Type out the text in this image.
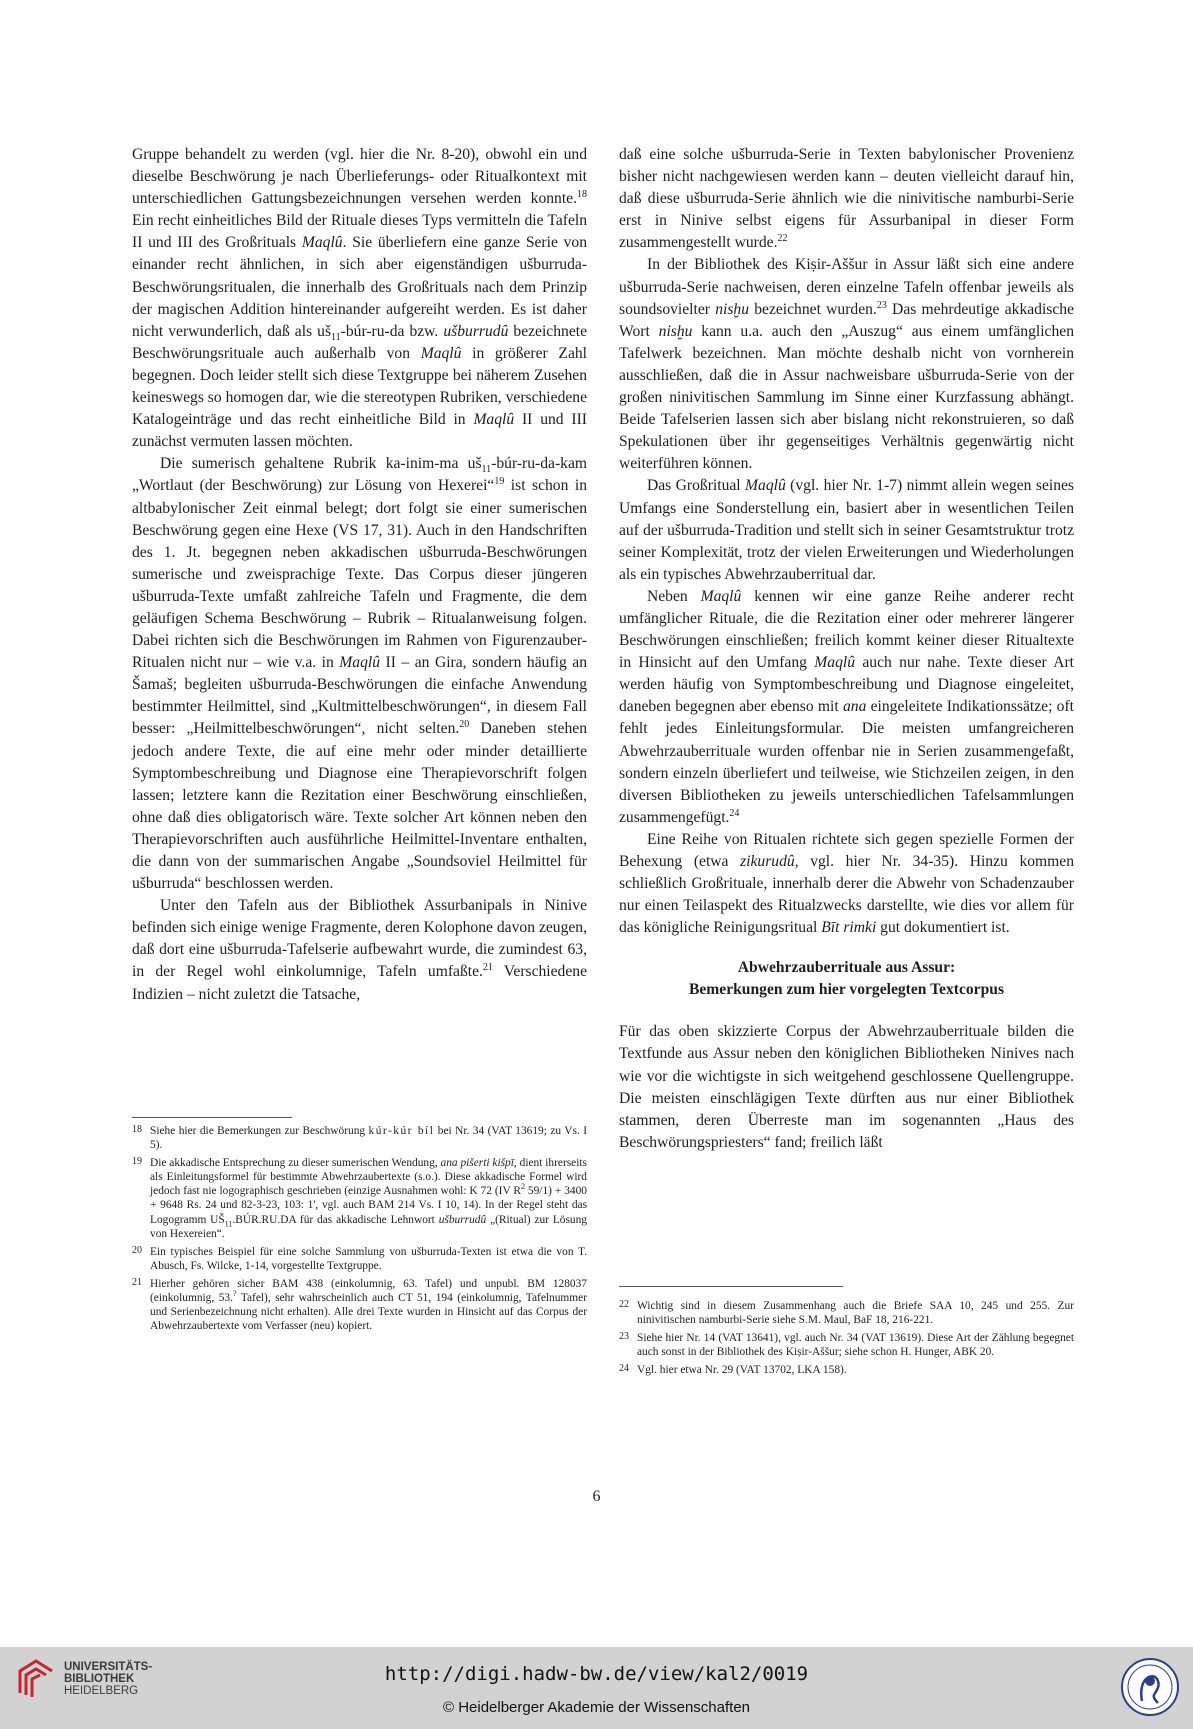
Gruppe behandelt zu werden (vgl. hier die Nr. 8-20), obwohl ein und dieselbe Beschwörung je nach Überlieferungs- oder Ritualkontext mit unterschiedlichen Gattungsbezeichnungen versehen werden konnte.$^{18}$ Ein recht einheitliches Bild der Rituale dieses Typs vermitteln die Tafeln II und III des Großrituals Maqlû. Sie überliefern eine ganze Serie von einander recht ähnlichen, in sich aber eigenständigen ušburruda-Beschwörungsritualen, die innerhalb des Großrituals nach dem Prinzip der magischen Addition hintereinander aufgereiht werden. Es ist daher nicht verwunderlich, daß als $uš_{11}-búr-ru-da$ bzw. ušburrudû bezeichnete Beschwörungsrituale auch außerhalb von Maqlû in größerer Zahl begegnen. Doch leider stellt sich diese Textgruppe bei näherem Zusehen keineswegs so homogen dar, wie die stereotypen Rubriken, verschiedene Katalogeinträge und das recht einheitliche Bild in Maqlû II und III zunächst vermuten lassen möchten.

Die sumerisch gehaltene Rubrik ka-inim-ma $uš_{11}-búr-ru-da$-kam „Wortlaut (der Beschwörung) zur Lösung von Hexerei“$^{19}$ ist schon in altbabylonischer Zeit einmal belegt; dort folgt sie einer sumerischen Beschwörung gegen eine Hexe (VS 17, 31). Auch in den Handschriften des 1. Jt. begegnen neben akkadischen ušburruda-Beschwörungen sumerische und zweisprachige Texte. Das Corpus dieser jüngeren ušburruda-Texte umfaßt zahlreiche Tafeln und Fragmente, die dem geläufigen Schema Beschwörung – Rubrik – Ritualanweisung folgen. Dabei richten sich die Beschwörungen im Rahmen von Figurenzauber-Ritualen nicht nur – wie v.a. in Maqlû II – an Gira, sondern häufig an Šamaš; begleiten ušburruda-Beschwörungen die einfache Anwendung bestimmter Heilmittel, sind „Kultmittelbeschwörungen“, in diesem Fall besser: „Heilmittelbeschwörungen“, nicht selten.$^{20}$ Daneben stehen jedoch andere Texte, die auf eine mehr oder minder detaillierte Symptombeschreibung und Diagnose eine Therapievorschrift folgen lassen; letztere kann die Rezitation einer Beschwörung einschließen, ohne daß dies obligatorisch wäre. Texte solcher Art können neben den Therapievorschriften auch ausführliche Heilmittel-Inventare enthalten, die dann von der summarischen Angabe „Soundsoviel Heilmittel für ušburruda“ beschlossen werden.

Unter den Tafeln aus der Bibliothek Assurbanipals in Ninive befinden sich einige wenige Fragmente, deren Kolophone davon zeugen, daß dort eine ušburruda-Tafelserie aufbewahrt wurde, die zumindest 63, in der Regel wohl einkolumnige, Tafeln umfaßte.$^{21}$ Verschiedene Indizien – nicht zuletzt die Tatsache,

daß eine solche ušburruda-Serie in Texten babylonischer Provenienz bisher nicht nachgewiesen werden kann – deuten vielleicht darauf hin, daß diese ušburruda-Serie ähnlich wie die ninivitische namburbi-Serie erst in Ninive selbst eigens für Assurbanipal in dieser Form zusammengestellt wurde.$^{22}$

In der Bibliothek des Kiṣir-Aššur in Assur läßt sich eine andere ušburruda-Serie nachweisen, deren einzelne Tafeln offenbar jeweils als soundsovielter nisḫu bezeichnet wurden.$^{23}$ Das mehrdeutige akkadische Wort nisḫu kann u.a. auch den „Auszug“ aus einem umfänglichen Tafelwerk bezeichnen. Man möchte deshalb nicht von vornherein ausschließen, daß die in Assur nachweisbare ušburruda-Serie von der großen ninivitischen Sammlung im Sinne einer Kurzfassung abhängt. Beide Tafelserien lassen sich aber bislang nicht rekonstruieren, so daß Spekulationen über ihr gegenseitiges Verhältnis gegenwärtig nicht weiterführen können.

Das Großritual Maqlû (vgl. hier Nr. 1-7) nimmt allein wegen seines Umfangs eine Sonderstellung ein, basiert aber in wesentlichen Teilen auf der ušburruda-Tradition und stellt sich in seiner Gesamtstruktur trotz seiner Komplexität, trotz der vielen Erweiterungen und Wiederholungen als ein typisches Abwehrzauberritual dar.

Neben Maqlû kennen wir eine ganze Reihe anderer recht umfänglicher Rituale, die die Rezitation einer oder mehrerer längerer Beschwörungen einschließen; freilich kommt keiner dieser Ritualtexte in Hinsicht auf den Umfang Maqlû auch nur nahe. Texte dieser Art werden häufig von Symptombeschreibung und Diagnose eingeleitet, daneben begegnen aber ebenso mit ana eingeleitete Indikationssätze; oft fehlt jedes Einleitungsformular. Die meisten umfangreicheren Abwehrzauberrituale wurden offenbar nie in Serien zusammengefaßt, sondern einzeln überliefert und teilweise, wie Stichzeilen zeigen, in den diversen Bibliotheken zu jeweils unterschiedlichen Tafelsammlungen zusammengefügt.$^{24}$

Eine Reihe von Ritualen richtete sich gegen spezielle Formen der Behexung (etwa zikurudû, vgl. hier Nr. 34-35). Hinzu kommen schließlich Großrituale, innerhalb derer die Abwehr von Schadenzauber nur einen Teilaspekt des Ritualzwecks darstellte, wie dies vor allem für das königliche Reinigungsritual Bīt rimki gut dokumentiert ist.

Abwehrzauberrituale aus Assur:
Bemerkungen zum hier vorgelegten Textcorpus

Für das oben skizzierte Corpus der Abwehrzauberrituale bilden die Textfunde aus Assur neben den königlichen Bibliotheken Ninives nach wie vor die wichtigste in sich weitgehend geschlossene Quellengruppe. Die meisten einschlägigen Texte dürften aus nur einer Bibliothek stammen, deren Überreste man im sogenannten „Haus des Beschwörungspriesters“ fand; freilich läßt

18 Siehe hier die Bemerkungen zur Beschwörung kúr-kúr bíl bei Nr. 34 (VAT 13619; zu Vs. I 5).
19 Die akkadische Entsprechung zu dieser sumerischen Wendung, ana pišerti kišpī, dient ihrerseits als Einleitungsformel für bestimmte Abwehrzaubertexte (s.o.). Diese akkadische Formel wird jedoch fast nie logographisch geschrieben (einzige Ausnahmen wohl: K 72 (IV $R^2$ 59/1) + 3400 + 9648 Rs. 24 und 82-3-23, 103: 1', vgl. auch BAM 214 Vs. I 10, 14). In der Regel steht das Logogramm $UŠ_{11}.BÚR.RU.DA$ für das akkadische Lehnwort ušburrudû „(Ritual) zur Lösung von Hexereien“.
20 Ein typisches Beispiel für eine solche Sammlung von ušburruda-Texten ist etwa die von T. Abusch, Fs. Wilcke, 1-14, vorgestellte Textgruppe.
21 Hierher gehören sicher BAM 438 (einkolumnig, 63. Tafel) und unpubl. BM 128037 (einkolumnig, 53.? Tafel), sehr wahrscheinlich auch CT 51, 194 (einkolumnig, Tafelnummer und Serienbezeichnung nicht erhalten). Alle drei Texte wurden in Hinsicht auf das Corpus der Abwehrzaubertexte vom Verfasser (neu) kopiert.
22 Wichtig sind in diesem Zusammenhang auch die Briefe SAA 10, 245 und 255. Zur ninivitischen namburbi-Serie siehe S.M. Maul, BaF 18, 216-221.
23 Siehe hier Nr. 14 (VAT 13641), vgl. auch Nr. 34 (VAT 13619). Diese Art der Zählung begegnet auch sonst in der Bibliothek des Kiṣir-Aššur; siehe schon H. Hunger, ABK 20.
24 Vgl. hier etwa Nr. 29 (VAT 13702, LKA 158).
6
UNIVERSITÄTS-
BIBLIOTHEK
HEIDELBERG
http://digi.hadw-bw.de/view/kal2/0019
© Heidelberger Akademie der Wissenschaften
